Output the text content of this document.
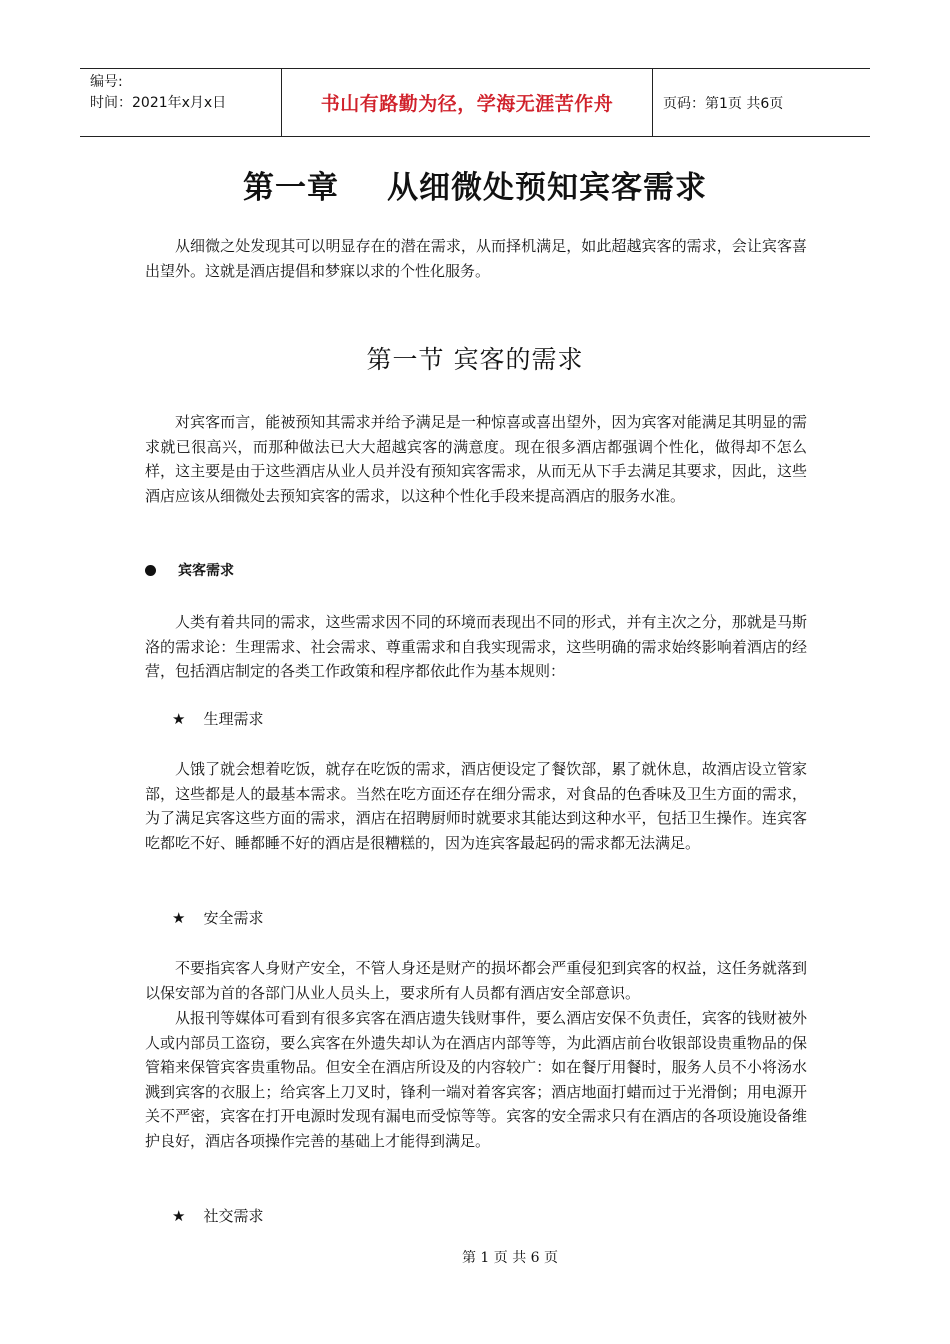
编号:
时间：2021年x月x日	书山有路勤为径，学海无涯苦作舟	页码：第1页 共6页
第一章 从细微处预知宾客需求
从细微之处发现其可以明显存在的潜在需求，从而择机满足，如此超越宾客的需求，会让宾客喜出望外。这就是酒店提倡和梦寐以求的个性化服务。
第一节 宾客的需求
对宾客而言，能被预知其需求并给予满足是一种惊喜或喜出望外，因为宾客对能满足其明显的需求就已很高兴，而那种做法已大大超越宾客的满意度。现在很多酒店都强调个性化，做得却不怎么样，这主要是由于这些酒店从业人员并没有预知宾客需求，从而无从下手去满足其要求，因此，这些酒店应该从细微处去预知宾客的需求，以这种个性化手段来提高酒店的服务水准。
宾客需求
人类有着共同的需求，这些需求因不同的环境而表现出不同的形式，并有主次之分，那就是马斯洛的需求论：生理需求、社会需求、尊重需求和自我实现需求，这些明确的需求始终影响着酒店的经营，包括酒店制定的各类工作政策和程序都依此作为基本规则：
★ 生理需求
人饿了就会想着吃饭，就存在吃饭的需求，酒店便设定了餐饮部，累了就休息，故酒店设立管家部，这些都是人的最基本需求。当然在吃方面还存在细分需求，对食品的色香味及卫生方面的需求，为了满足宾客这些方面的需求，酒店在招聘厨师时就要求其能达到这种水平，包括卫生操作。连宾客吃都吃不好、睡都睡不好的酒店是很糟糕的，因为连宾客最起码的需求都无法满足。
★ 安全需求
不要指宾客人身财产安全，不管人身还是财产的损坏都会严重侵犯到宾客的权益，这任务就落到以保安部为首的各部门从业人员头上，要求所有人员都有酒店安全部意识。
从报刊等媒体可看到有很多宾客在酒店遗失钱财事件，要么酒店安保不负责任，宾客的钱财被外人或内部员工盗窃，要么宾客在外遗失却认为在酒店内部等等，为此酒店前台收银部设贵重物品的保管箱来保管宾客贵重物品。但安全在酒店所设及的内容较广：如在餐厅用餐时，服务人员不小将汤水溅到宾客的衣服上；给宾客上刀叉时，锋利一端对着客宾客；酒店地面打蜡而过于光滑倒；用电源开关不严密，宾客在打开电源时发现有漏电而受惊等等。宾客的安全需求只有在酒店的各项设施设备维护良好，酒店各项操作完善的基础上才能得到满足。
★ 社交需求
第 1 页 共 6 页
